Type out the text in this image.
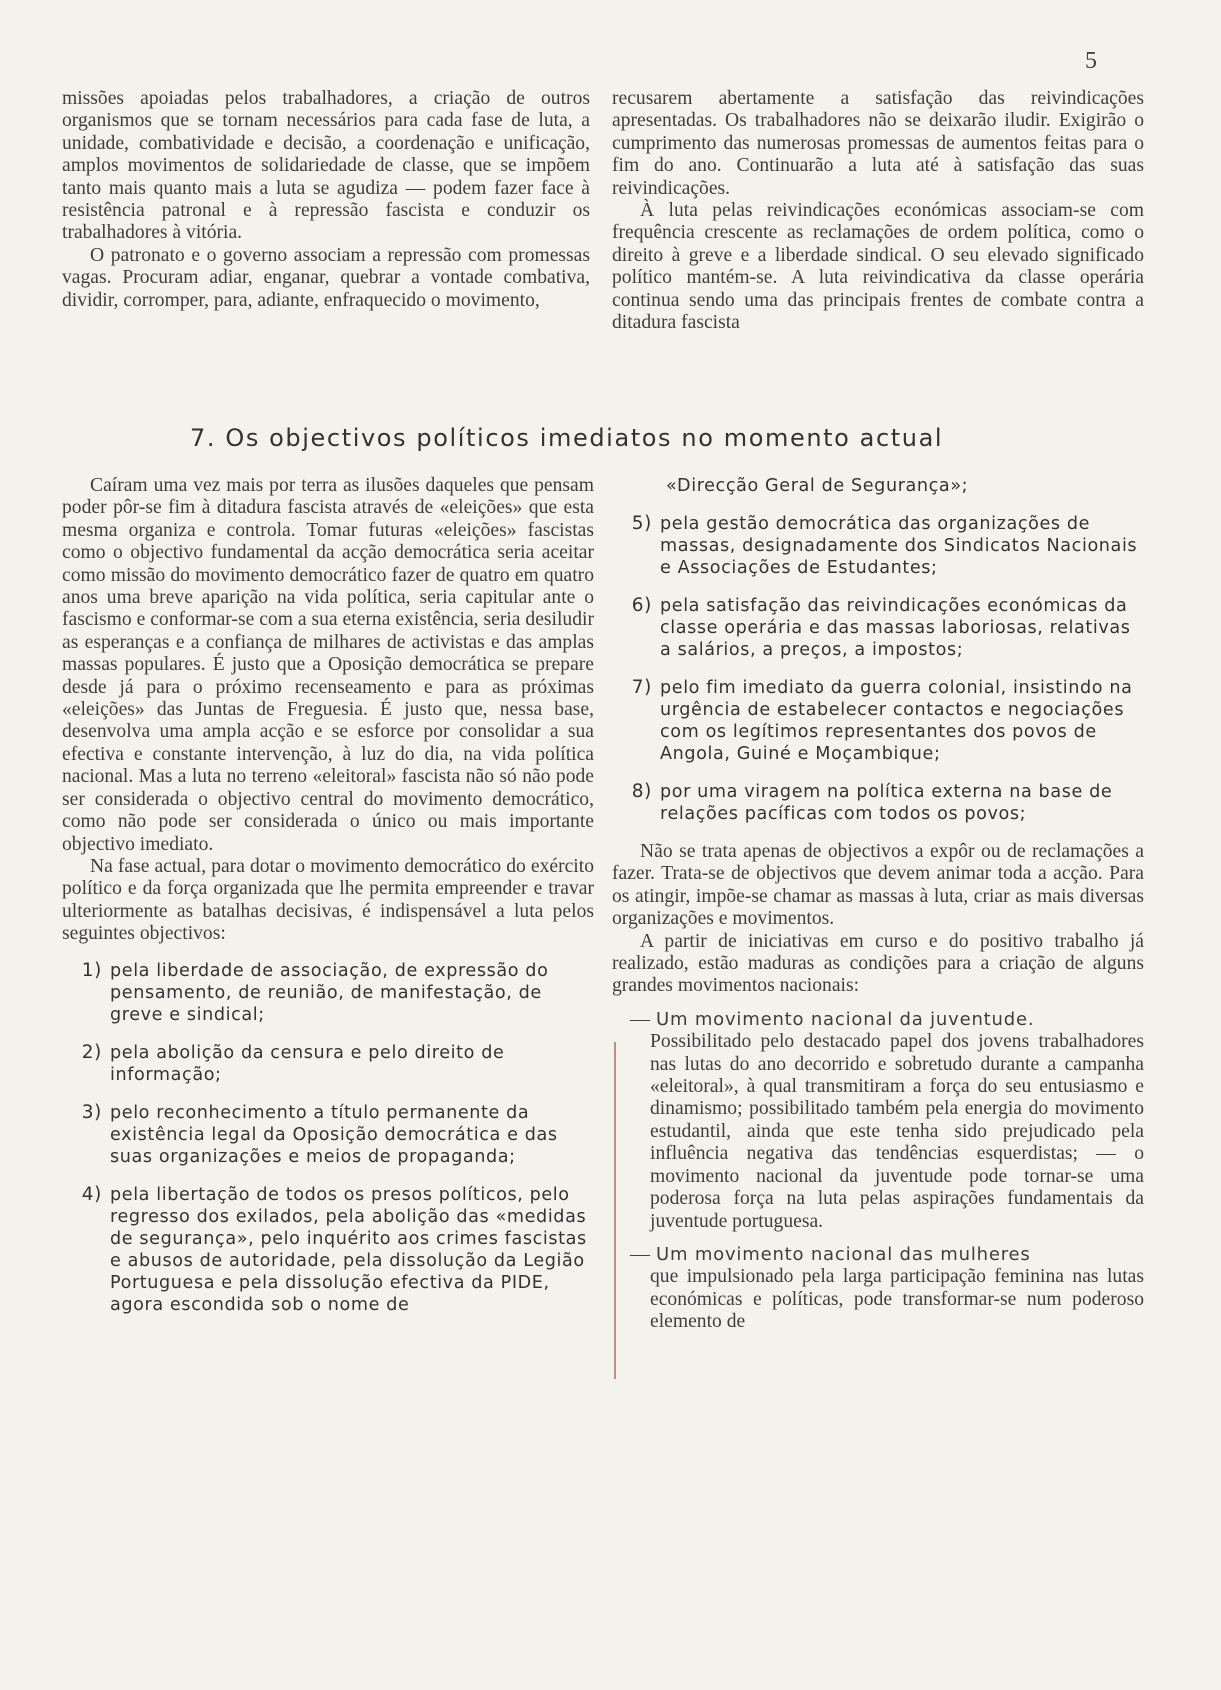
5

missões apoiadas pelos trabalhadores, a criação de outros organismos que se tornam necessários para cada fase de luta, a unidade, combatividade e decisão, a coordenação e unificação, amplos movimentos de solidariedade de classe, que se impõem tanto mais quanto mais a luta se agudiza — podem fazer face à resistência patronal e à repressão fascista e conduzir os trabalhadores à vitória.

O patronato e o governo associam a repressão com promessas vagas. Procuram adiar, enganar, quebrar a vontade combativa, dividir, corromper, para, adiante, enfraquecido o movimento,

recusarem abertamente a satisfação das reivindicações apresentadas. Os trabalhadores não se deixarão iludir. Exigirão o cumprimento das numerosas promessas de aumentos feitas para o fim do ano. Continuarão a luta até à satisfação das suas reivindicações.

À luta pelas reivindicações económicas associam-se com frequência crescente as reclamações de ordem política, como o direito à greve e a liberdade sindical. O seu elevado significado político mantém-se. A luta reivindicativa da classe operária continua sendo uma das principais frentes de combate contra a ditadura fascista

7. Os objectivos políticos imediatos no momento actual

Caíram uma vez mais por terra as ilusões daqueles que pensam poder pôr-se fim à ditadura fascista através de «eleições» que esta mesma organiza e controla. Tomar futuras «eleições» fascistas como o objectivo fundamental da acção democrática seria aceitar como missão do movimento democrático fazer de quatro em quatro anos uma breve aparição na vida política, seria capitular ante o fascismo e conformar-se com a sua eterna existência, seria desiludir as esperanças e a confiança de milhares de activistas e das amplas massas populares. É justo que a Oposição democrática se prepare desde já para o próximo recenseamento e para as próximas «eleições» das Juntas de Freguesia. É justo que, nessa base, desenvolva uma ampla acção e se esforce por consolidar a sua efectiva e constante intervenção, à luz do dia, na vida política nacional. Mas a luta no terreno «eleitoral» fascista não só não pode ser considerada o objectivo central do movimento democrático, como não pode ser considerada o único ou mais importante objectivo imediato.

Na fase actual, para dotar o movimento democrático do exército político e da força organizada que lhe permita empreender e travar ulteriormente as batalhas decisivas, é indispensável a luta pelos seguintes objectivos:

1) pela liberdade de associação, de expressão do pensamento, de reunião, de manifestação, de greve e sindical;
2) pela abolição da censura e pelo direito de informação;
3) pelo reconhecimento a título permanente da existência legal da Oposição democrática e das suas organizações e meios de propaganda;
4) pela libertação de todos os presos políticos, pelo regresso dos exilados, pela abolição das «medidas de segurança», pelo inquérito aos crimes fascistas e abusos de autoridade, pela dissolução da Legião Portuguesa e pela dissolução efectiva da PIDE, agora escondida sob o nome de
«Direcção Geral de Segurança»;
5) pela gestão democrática das organizações de massas, designadamente dos Sindicatos Nacionais e Associações de Estudantes;
6) pela satisfação das reivindicações económicas da classe operária e das massas laboriosas, relativas a salários, a preços, a impostos;
7) pelo fim imediato da guerra colonial, insistindo na urgência de estabelecer contactos e negociações com os legítimos representantes dos povos de Angola, Guiné e Moçambique;
8) por uma viragem na política externa na base de relações pacíficas com todos os povos;

Não se trata apenas de objectivos a expôr ou de reclamações a fazer. Trata-se de objectivos que devem animar toda a acção. Para os atingir, impõe-se chamar as massas à luta, criar as mais diversas organizações e movimentos.

A partir de iniciativas em curso e do positivo trabalho já realizado, estão maduras as condições para a criação de alguns grandes movimentos nacionais:

— Um movimento nacional da juventude.
Possibilitado pelo destacado papel dos jovens trabalhadores nas lutas do ano decorrido e sobretudo durante a campanha «eleitoral», à qual transmitiram a força do seu entusiasmo e dinamismo; possibilitado também pela energia do movimento estudantil, ainda que este tenha sido prejudicado pela influência negativa das tendências esquerdistas; — o movimento nacional da juventude pode tornar-se uma poderosa força na luta pelas aspirações fundamentais da juventude portuguesa.
— Um movimento nacional das mulheres
que impulsionado pela larga participação feminina nas lutas económicas e políticas, pode transformar-se num poderoso elemento de
